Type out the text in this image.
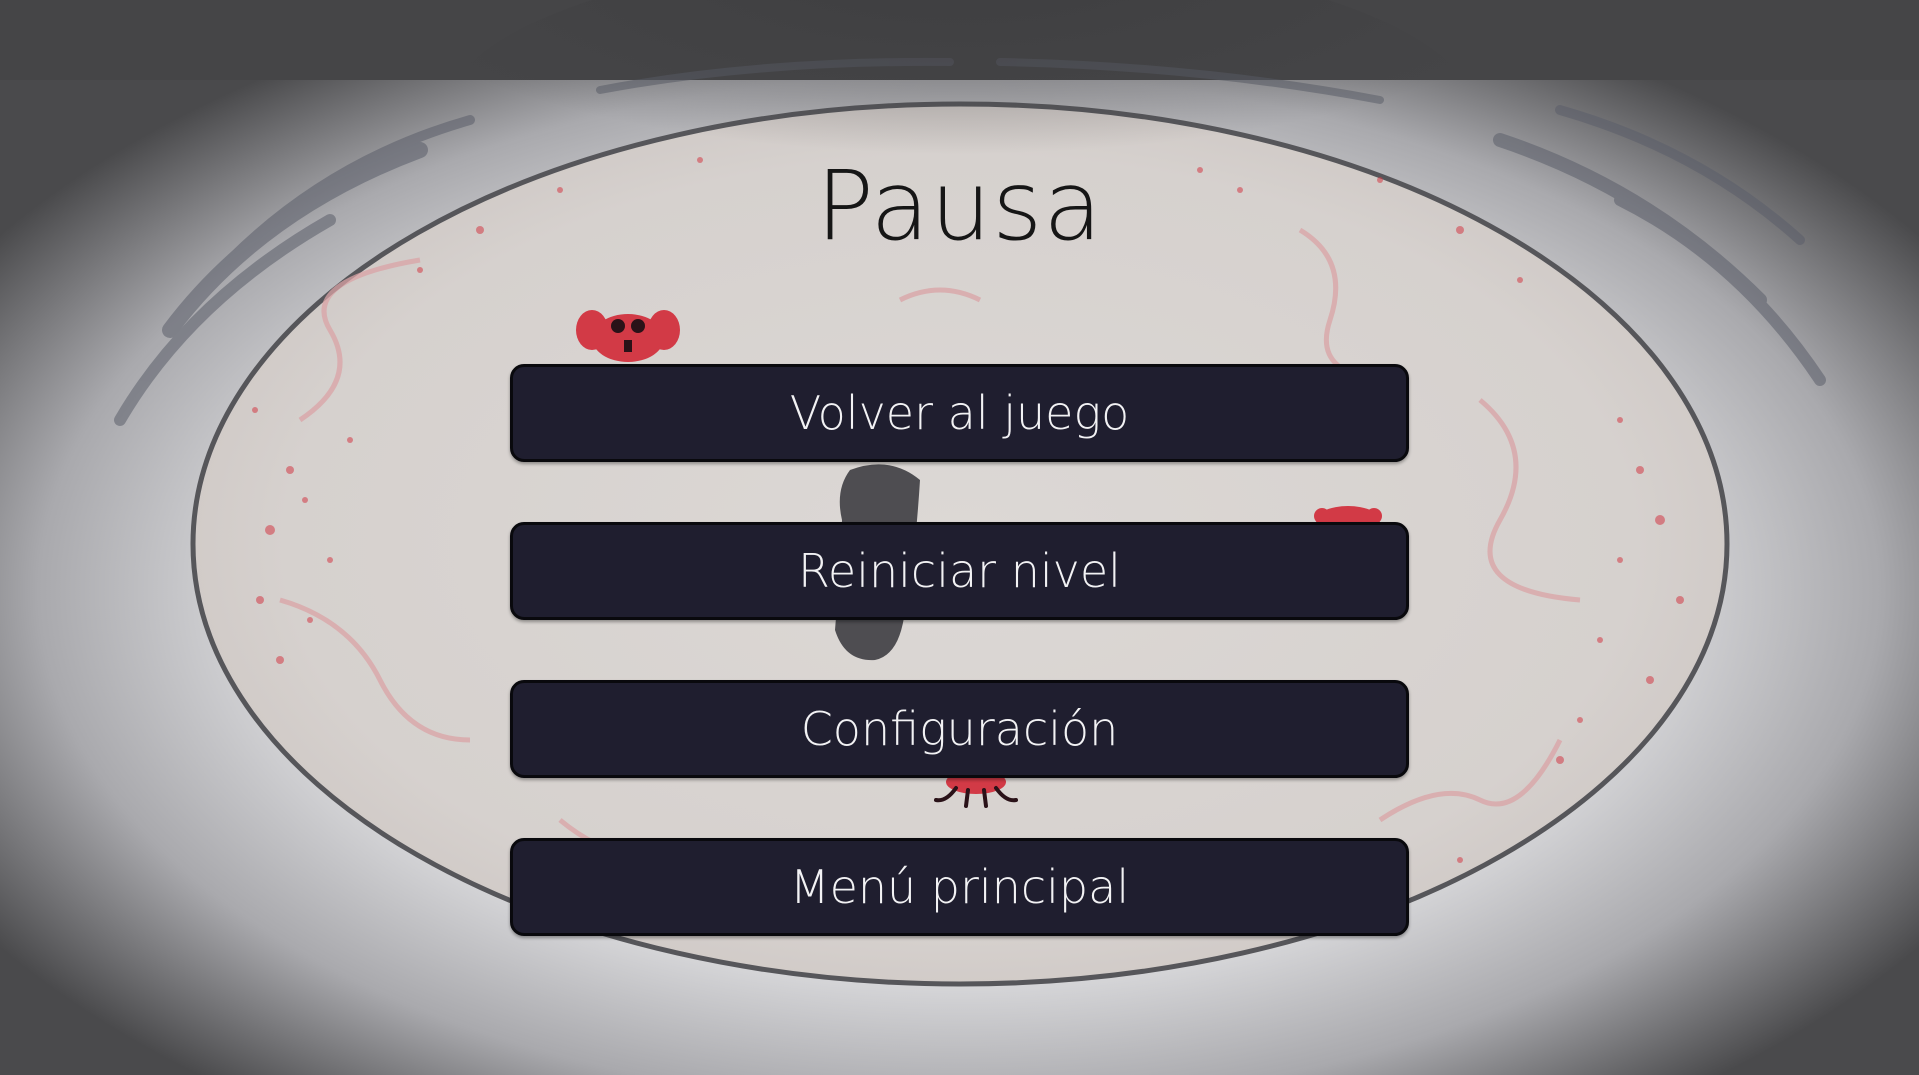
Pausa
Volver al juego
Reiniciar nivel
Configuración
Menú principal
